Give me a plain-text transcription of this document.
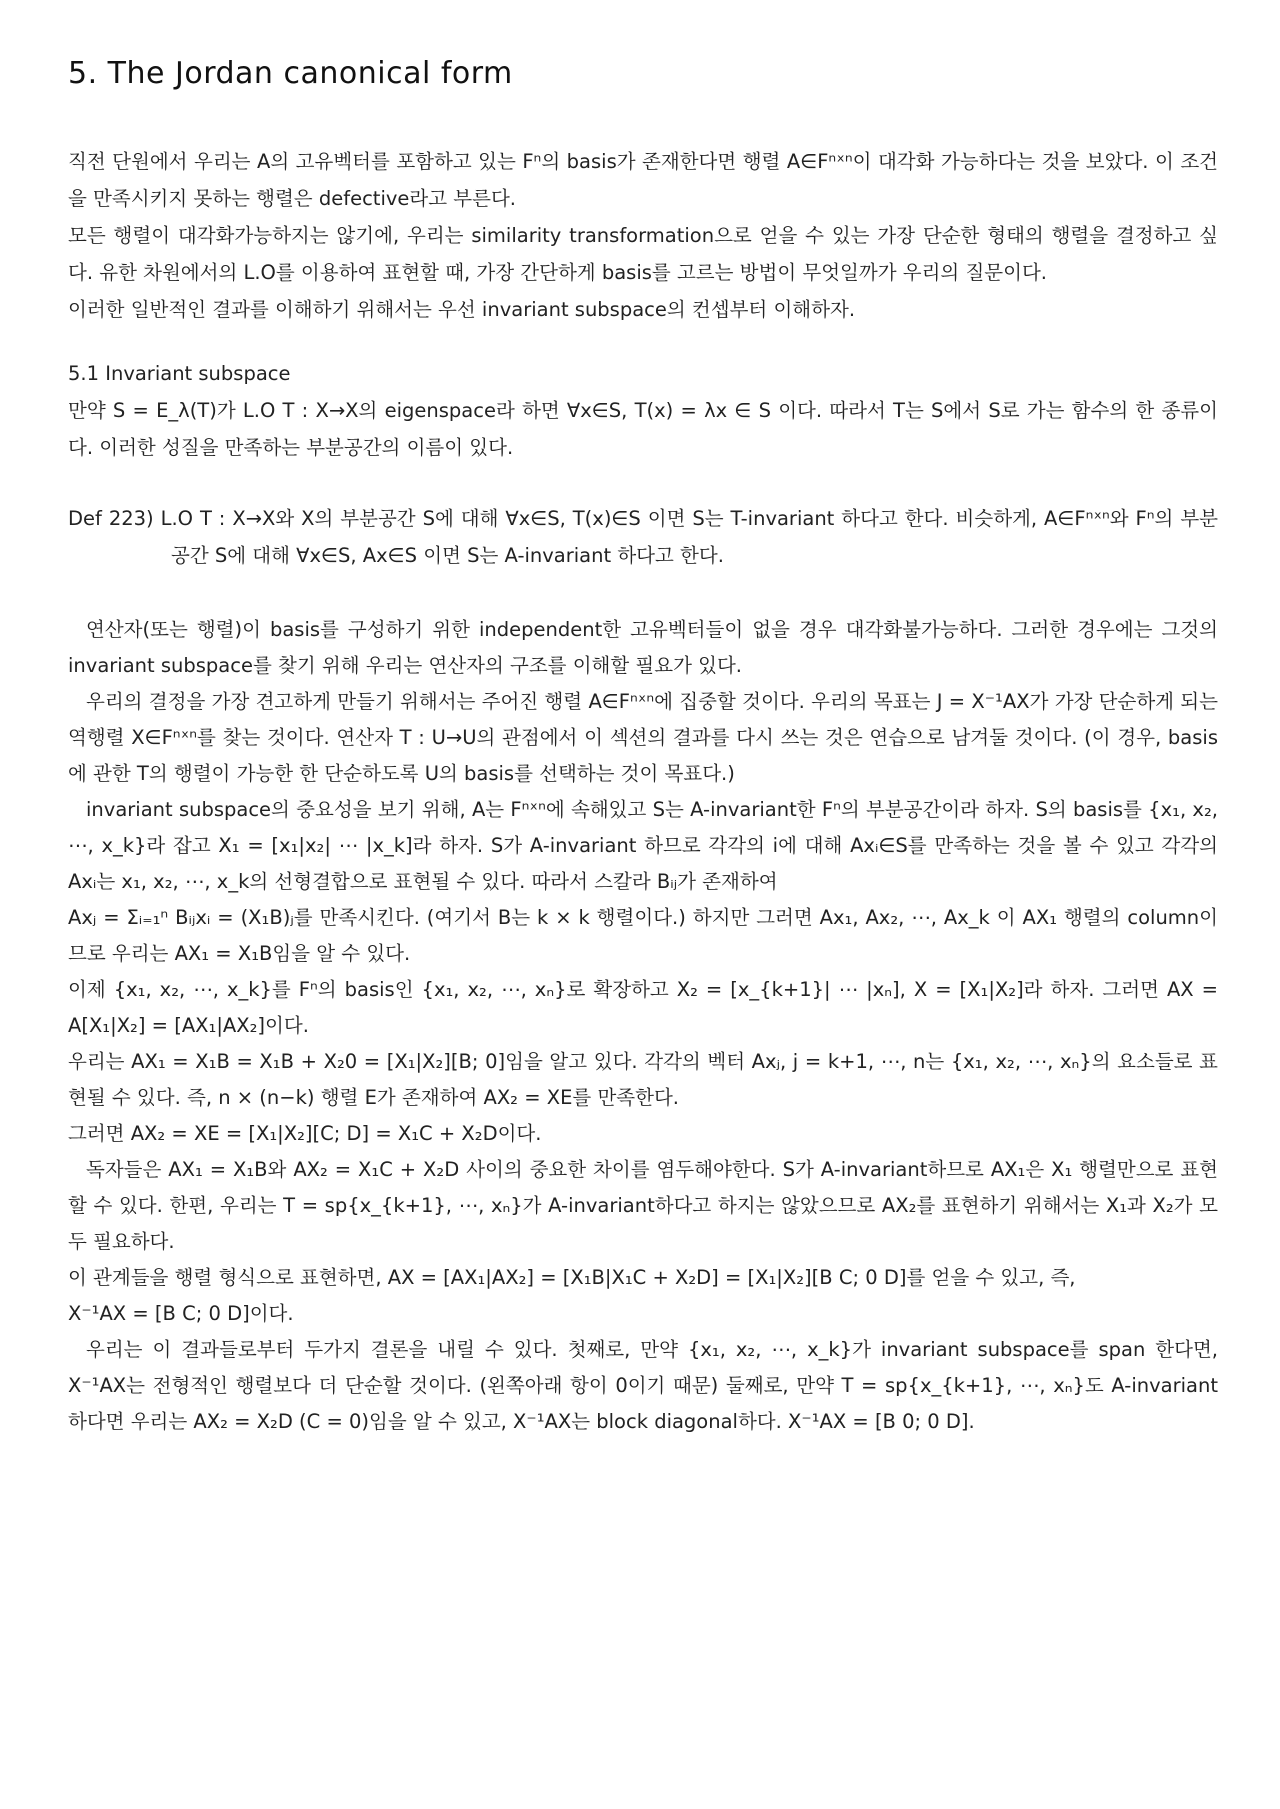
5. The Jordan canonical form

직전 단원에서 우리는 A의 고유벡터를 포함하고 있는 Fⁿ의 basis가 존재한다면 행렬 A∈Fⁿˣⁿ이 대각화 가능하다는 것을 보았다. 이 조건을 만족시키지 못하는 행렬은 defective라고 부른다.

모든 행렬이 대각화가능하지는 않기에, 우리는 similarity transformation으로 얻을 수 있는 가장 단순한 형태의 행렬을 결정하고 싶다. 유한 차원에서의 L.O를 이용하여 표현할 때, 가장 간단하게 basis를 고르는 방법이 무엇일까가 우리의 질문이다.

이러한 일반적인 결과를 이해하기 위해서는 우선 invariant subspace의 컨셉부터 이해하자.

5.1 Invariant subspace

만약 S = E_λ(T)가 L.O T : X→X의 eigenspace라 하면 ∀x∈S, T(x) = λx ∈ S 이다. 따라서 T는 S에서 S로 가는 함수의 한 종류이다. 이러한 성질을 만족하는 부분공간의 이름이 있다.

Def 223) L.O T : X→X와 X의 부분공간 S에 대해 ∀x∈S, T(x)∈S 이면 S는 T-invariant 하다고 한다. 비슷하게, A∈Fⁿˣⁿ와 Fⁿ의 부분공간 S에 대해 ∀x∈S, Ax∈S 이면 S는 A-invariant 하다고 한다.

연산자(또는 행렬)이 basis를 구성하기 위한 independent한 고유벡터들이 없을 경우 대각화불가능하다. 그러한 경우에는 그것의 invariant subspace를 찾기 위해 우리는 연산자의 구조를 이해할 필요가 있다.

우리의 결정을 가장 견고하게 만들기 위해서는 주어진 행렬 A∈Fⁿˣⁿ에 집중할 것이다. 우리의 목표는 J = X⁻¹AX가 가장 단순하게 되는 역행렬 X∈Fⁿˣⁿ를 찾는 것이다. 연산자 T : U→U의 관점에서 이 섹션의 결과를 다시 쓰는 것은 연습으로 남겨둘 것이다. (이 경우, basis 에 관한 T의 행렬이 가능한 한 단순하도록 U의 basis를 선택하는 것이 목표다.)

invariant subspace의 중요성을 보기 위해, A는 Fⁿˣⁿ에 속해있고 S는 A-invariant한 Fⁿ의 부분공간이라 하자. S의 basis를 {x₁, x₂, ⋯, x_k}라 잡고 X₁ = [x₁|x₂| ⋯ |x_k]라 하자. S가 A-invariant 하므로 각각의 i에 대해 Axᵢ∈S를 만족하는 것을 볼 수 있고 각각의 Axᵢ는 x₁, x₂, ⋯, x_k의 선형결합으로 표현될 수 있다. 따라서 스칼라 Bᵢⱼ가 존재하여

Axⱼ = Σᵢ₌₁ⁿ Bᵢⱼxᵢ = (X₁B)ⱼ를 만족시킨다. (여기서 B는 k × k 행렬이다.) 하지만 그러면 Ax₁, Ax₂, ⋯, Ax_k 이 AX₁ 행렬의 column이므로 우리는 AX₁ = X₁B임을 알 수 있다.

이제 {x₁, x₂, ⋯, x_k}를 Fⁿ의 basis인 {x₁, x₂, ⋯, xₙ}로 확장하고 X₂ = [x_{k+1}| ⋯ |xₙ], X = [X₁|X₂]라 하자. 그러면 AX = A[X₁|X₂] = [AX₁|AX₂]이다.

우리는 AX₁ = X₁B = X₁B + X₂0 = [X₁|X₂][B; 0]임을 알고 있다. 각각의 벡터 Axⱼ, j = k+1, ⋯, n는 {x₁, x₂, ⋯, xₙ}의 요소들로 표현될 수 있다. 즉, n × (n−k) 행렬 E가 존재하여 AX₂ = XE를 만족한다.

그러면 AX₂ = XE = [X₁|X₂][C; D] = X₁C + X₂D이다.

독자들은 AX₁ = X₁B와 AX₂ = X₁C + X₂D 사이의 중요한 차이를 염두해야한다. S가 A-invariant하므로 AX₁은 X₁ 행렬만으로 표현할 수 있다. 한편, 우리는 T = sp{x_{k+1}, ⋯, xₙ}가 A-invariant하다고 하지는 않았으므로 AX₂를 표현하기 위해서는 X₁과 X₂가 모두 필요하다.

이 관계들을 행렬 형식으로 표현하면, AX = [AX₁|AX₂] = [X₁B|X₁C + X₂D] = [X₁|X₂][B C; 0 D]를 얻을 수 있고, 즉,

X⁻¹AX = [B C; 0 D]이다.

우리는 이 결과들로부터 두가지 결론을 내릴 수 있다. 첫째로, 만약 {x₁, x₂, ⋯, x_k}가 invariant subspace를 span 한다면, X⁻¹AX는 전형적인 행렬보다 더 단순할 것이다. (왼쪽아래 항이 0이기 때문) 둘째로, 만약 T = sp{x_{k+1}, ⋯, xₙ}도 A-invariant 하다면 우리는 AX₂ = X₂D (C = 0)임을 알 수 있고, X⁻¹AX는 block diagonal하다. X⁻¹AX = [B 0; 0 D].
